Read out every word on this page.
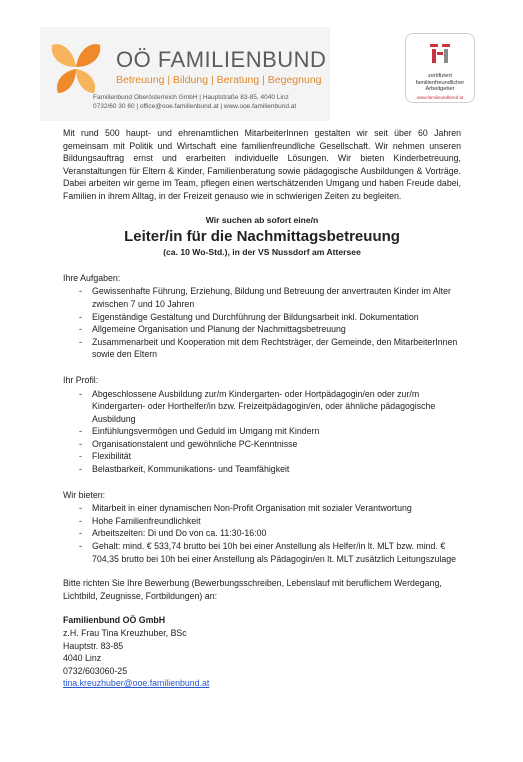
OÖ FAMILIENBUND
Betreuung | Bildung | Beratung | Begegnung
Familienbund Oberösterreich GmbH | Hauptstraße 83-85, 4040 Linz
0732/60 30 60 | office@ooe.familienbund.at | www.ooe.familienbund.at
zertifiziert
familienfreundlicher
Arbeitgeber
www.familieundberuf.at

Mit rund 500 haupt- und ehrenamtlichen MitarbeiterInnen gestalten wir seit über 60 Jahren gemeinsam mit Politik und Wirtschaft eine familienfreundliche Gesellschaft. Wir nehmen unseren Bildungsauftrag ernst und erarbeiten individuelle Lösungen. Wir bieten Kinderbetreuung, Veranstaltungen für Eltern & Kinder, Familienberatung sowie pädagogische Ausbildungen & Vorträge. Dabei arbeiten wir gerne im Team, pflegen einen wertschätzenden Umgang und haben Freude dabei, Familien in ihrem Alltag, in der Freizeit genauso wie in schwierigen Zeiten zu begleiten.

Wir suchen ab sofort eine/n
Leiter/in für die Nachmittagsbetreuung
(ca. 10 Wo-Std.), in der VS Nussdorf am Attersee
Ihre Aufgaben:
- Gewissenhafte Führung, Erziehung, Bildung und Betreuung der anvertrauten Kinder im Alter zwischen 7 und 10 Jahren
- Eigenständige Gestaltung und Durchführung der Bildungsarbeit inkl. Dokumentation
- Allgemeine Organisation und Planung der Nachmittagsbetreuung
- Zusammenarbeit und Kooperation mit dem Rechtsträger, der Gemeinde, den MitarbeiterInnen sowie den Eltern
Ihr Profil:
- Abgeschlossene Ausbildung zur/m Kindergarten- oder Hortpädagogin/en oder zur/m Kindergarten- oder Horthelfer/in bzw. Freizeitpädagogin/en, oder ähnliche pädagogische Ausbildung
- Einfühlungsvermögen und Geduld im Umgang mit Kindern
- Organisationstalent und gewöhnliche PC-Kenntnisse
- Flexibilität
- Belastbarkeit, Kommunikations- und Teamfähigkeit
Wir bieten:
- Mitarbeit in einer dynamischen Non-Profit Organisation mit sozialer Verantwortung
- Hohe Familienfreundlichkeit
- Arbeitszeiten: Di und Do von ca. 11:30-16:00
- Gehalt: mind. € 533,74 brutto bei 10h bei einer Anstellung als Helfer/in lt. MLT bzw. mind. € 704,35 brutto bei 10h bei einer Anstellung als Pädagogin/en lt. MLT zusätzlich Leitungszulage

Bitte richten Sie Ihre Bewerbung (Bewerbungsschreiben, Lebenslauf mit beruflichem Werdegang, Lichtbild, Zeugnisse, Fortbildungen) an:

Familienbund OÖ GmbH
z.H. Frau Tina Kreuzhuber, BSc
Hauptstr. 83-85
4040 Linz
0732/603060-25
tina.kreuzhuber@ooe.familienbund.at
